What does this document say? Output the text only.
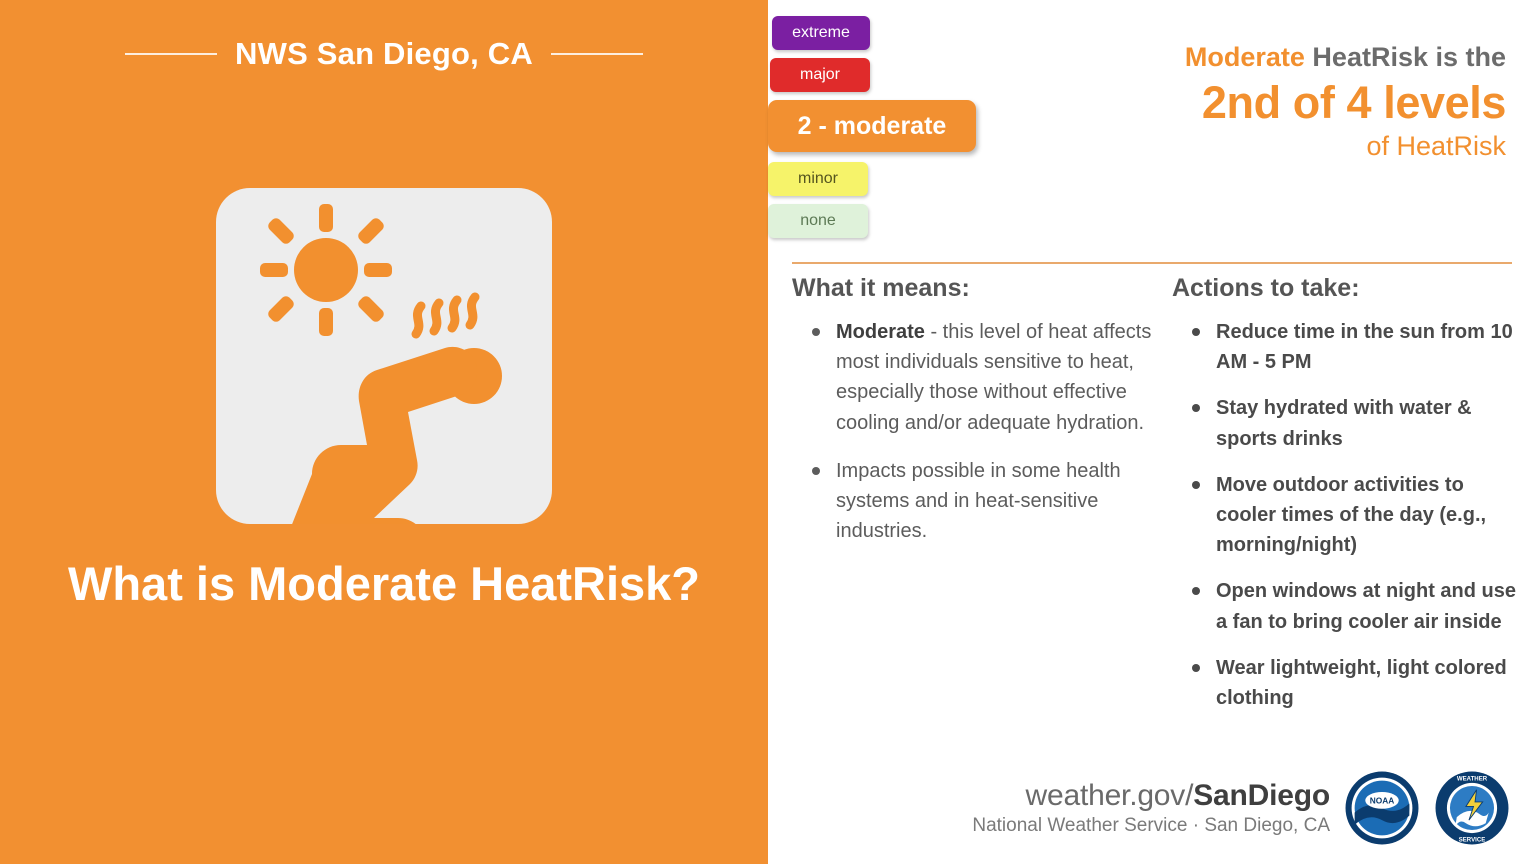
NWS San Diego, CA
What is Moderate HeatRisk?
extreme
major
2 - moderate
minor
none
Moderate HeatRisk is the
2nd of 4 levels
of HeatRisk
What it means:
Moderate - this level of heat affects most individuals sensitive to heat, especially those without effective cooling and/or adequate hydration.
Impacts possible in some health systems and in heat-sensitive industries.
Actions to take:
Reduce time in the sun from 10 AM - 5 PM
Stay hydrated with water & sports drinks
Move outdoor activities to cooler times of the day (e.g., morning/night)
Open windows at night and use a fan to bring cooler air inside
Wear lightweight, light colored clothing
weather.gov/SanDiego
National Weather Service · San Diego, CA
NOAA
WEATHER
SERVICE
